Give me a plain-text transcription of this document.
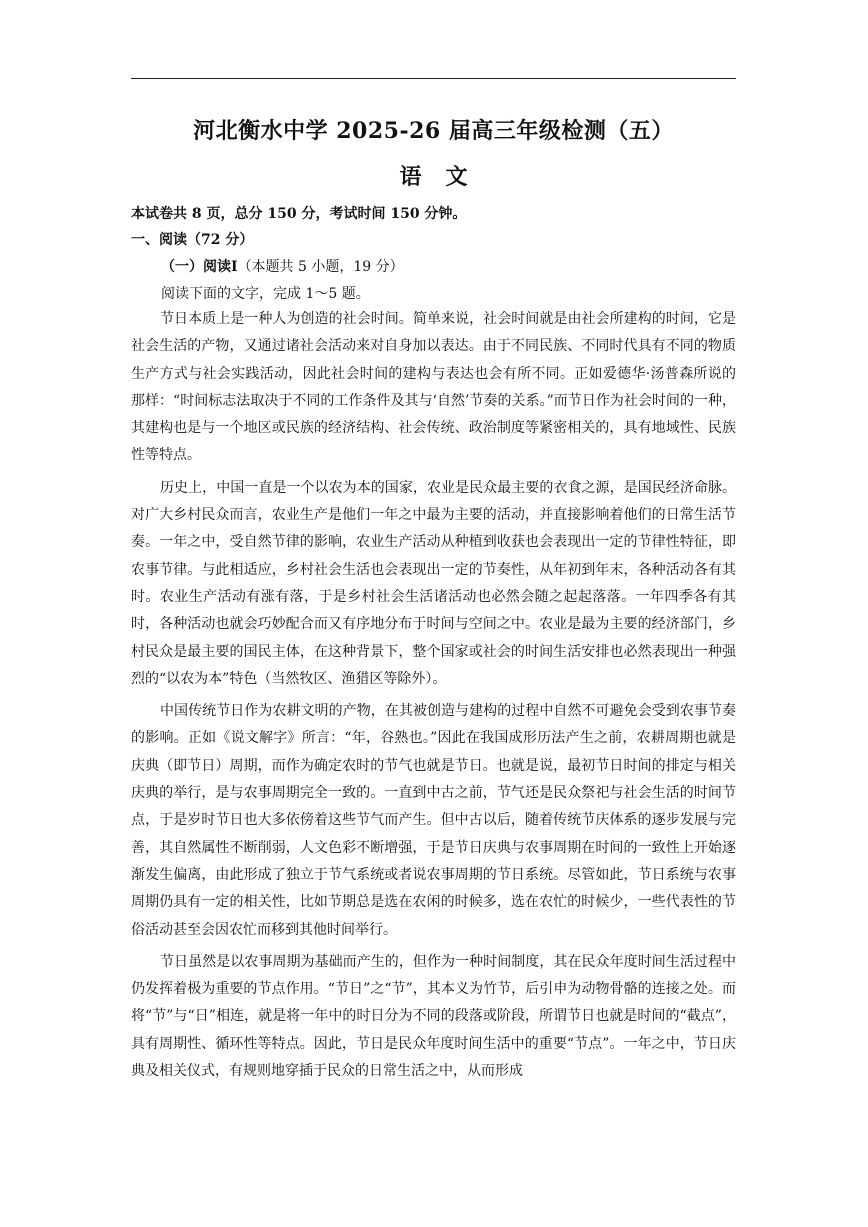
河北衡水中学 2025-26 届高三年级检测（五）
语文
本试卷共 8 页，总分 150 分，考试时间 150 分钟。
一、阅读（72 分）
（一）阅读Ⅰ（本题共 5 小题，19 分）
阅读下面的文字，完成 1～5 题。

节日本质上是一种人为创造的社会时间。简单来说，社会时间就是由社会所建构的时间，它是社会生活的产物，又通过诸社会活动来对自身加以表达。由于不同民族、不同时代具有不同的物质生产方式与社会实践活动，因此社会时间的建构与表达也会有所不同。正如爱德华·汤普森所说的那样：“时间标志法取决于不同的工作条件及其与‘自然’节奏的关系。”而节日作为社会时间的一种，其建构也是与一个地区或民族的经济结构、社会传统、政治制度等紧密相关的，具有地域性、民族性等特点。

历史上，中国一直是一个以农为本的国家，农业是民众最主要的衣食之源，是国民经济命脉。对广大乡村民众而言，农业生产是他们一年之中最为主要的活动，并直接影响着他们的日常生活节奏。一年之中，受自然节律的影响，农业生产活动从种植到收获也会表现出一定的节律性特征，即农事节律。与此相适应，乡村社会生活也会表现出一定的节奏性，从年初到年末，各种活动各有其时。农业生产活动有涨有落，于是乡村社会生活诸活动也必然会随之起起落落。一年四季各有其时，各种活动也就会巧妙配合而又有序地分布于时间与空间之中。农业是最为主要的经济部门，乡村民众是最主要的国民主体，在这种背景下，整个国家或社会的时间生活安排也必然表现出一种强烈的“以农为本”特色（当然牧区、渔猎区等除外）。

中国传统节日作为农耕文明的产物，在其被创造与建构的过程中自然不可避免会受到农事节奏的影响。正如《说文解字》所言：“年，谷熟也。”因此在我国成形历法产生之前，农耕周期也就是庆典（即节日）周期，而作为确定农时的节气也就是节日。也就是说，最初节日时间的排定与相关庆典的举行，是与农事周期完全一致的。一直到中古之前，节气还是民众祭祀与社会生活的时间节点，于是岁时节日也大多依傍着这些节气而产生。但中古以后，随着传统节庆体系的逐步发展与完善，其自然属性不断削弱，人文色彩不断增强，于是节日庆典与农事周期在时间的一致性上开始逐渐发生偏离，由此形成了独立于节气系统或者说农事周期的节日系统。尽管如此，节日系统与农事周期仍具有一定的相关性，比如节期总是选在农闲的时候多，选在农忙的时候少，一些代表性的节俗活动甚至会因农忙而移到其他时间举行。

节日虽然是以农事周期为基础而产生的，但作为一种时间制度，其在民众年度时间生活过程中仍发挥着极为重要的节点作用。“节日”之“节”，其本义为竹节，后引申为动物骨骼的连接之处。而将“节”与“日”相连，就是将一年中的时日分为不同的段落或阶段，所谓节日也就是时间的“截点”，具有周期性、循环性等特点。因此，节日是民众年度时间生活中的重要“节点”。一年之中，节日庆典及相关仪式，有规则地穿插于民众的日常生活之中，从而形成
